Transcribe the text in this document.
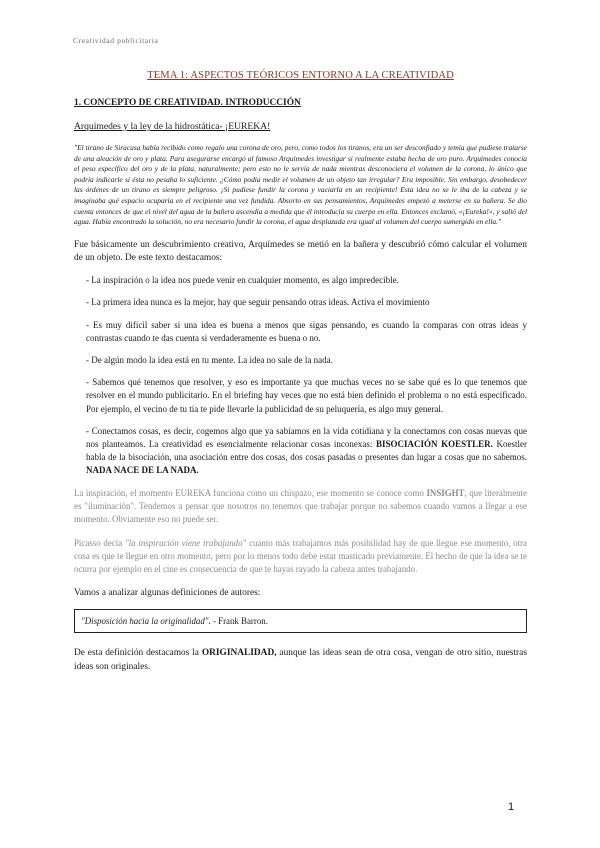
Creatividad publicitaria
TEMA 1: ASPECTOS TEÓRICOS ENTORNO A LA CREATIVIDAD
1. CONCEPTO DE CREATIVIDAD. INTRODUCCIÓN
Arquímedes y la ley de la hidrostática- ¡EUREKA!
"El tirano de Siracusa había recibido como regalo una corona de oro, pero, como todos los tiranos, era un ser desconfiado y temía que pudiese tratarse de una aleación de oro y plata. Para asegurarse encargó al famoso Arquímedes investigar si realmente estaba hecha de oro puro. Arquímedes conocía el peso específico del oro y de la plata, naturalmente; pero esto no le servía de nada mientras desconociera el volumen de la corona, lo único que podría indicarle si ésta no pesaba lo suficiente. ¿Cómo podía medir el volumen de un objeto tan irregular? Era imposible. Sin embargo, desobedecer las órdenes de un tirano es siempre peligroso. ¡Si pudiese fundir la corona y vaciarla en un recipiente! Esta idea no se le iba de la cabeza y se imaginaba qué espacio ocuparía en el recipiente una vez fundida. Absorto en sus pensamientos, Arquímedes empezó a meterse en su bañera. Se dio cuenta entonces de que el nivel del agua de la bañera ascendía a medida que él introducía su cuerpo en ella. Entonces exclamó, «¡Eureka!», y salió del agua. Había encontrado la solución, no era necesario fundir la corona, el agua desplazada era igual al volumen del cuerpo sumergido en ella."
Fue básicamente un descubrimiento creativo, Arquímedes se metió en la bañera y descubrió cómo calcular el volumen de un objeto. De este texto destacamos:
- La inspiración o la idea nos puede venir en cualquier momento, es algo impredecible.
- La primera idea nunca es la mejor, hay que seguir pensando otras ideas. Activa el movimiento
- Es muy difícil saber si una idea es buena a menos que sigas pensando, es cuando la comparas con otras ideas y contrastas cuando te das cuenta si verdaderamente es buena o no.
- De algún modo la idea está en tu mente. La idea no sale de la nada.
- Sabemos qué tenemos que resolver, y eso es importante ya que muchas veces no se sabe qué es lo que tenemos que resolver en el mundo publicitario. En el briefing hay veces que no está bien definido el problema o no está especificado. Por ejemplo, el vecino de tu tía te pide llevarle la publicidad de su peluquería, es algo muy general.
- Conectamos cosas, es decir, cogemos algo que ya sabíamos en la vida cotidiana y la conectamos con cosas nuevas que nos planteamos. La creatividad es esencialmente relacionar cosas inconexas: BISOCIACIÓN KOESTLER. Koestler habla de la bisociación, una asociación entre dos cosas, dos cosas pasadas o presentes dan lugar a cosas que no sabemos. NADA NACE DE LA NADA.
La inspiración, el momento EUREKA funciona como un chispazo, ese momento se conoce como INSIGHT, que literalmente es "iluminación". Tendemos a pensar que nosotros no tenemos que trabajar porque no sabemos cuando vamos a llegar a ese momento. Obviamente eso no puede ser.
Picasso decía "la inspiración viene trabajando" cuanto más trabajamos más posibilidad hay de que llegue ese momento, otra cosa es que te llegue en otro momento, pero por lo menos todo debe estar masticado previamente. El hecho de que la idea se te ocurra por ejemplo en el cine es consecuencia de que te hayas rayado la cabeza antes trabajando.
Vamos a analizar algunas definiciones de autores:
"Disposición hacia la originalidad". - Frank Barron.
De esta definición destacamos la ORIGINALIDAD, aunque las ideas sean de otra cosa, vengan de otro sitio, nuestras ideas son originales.
1
